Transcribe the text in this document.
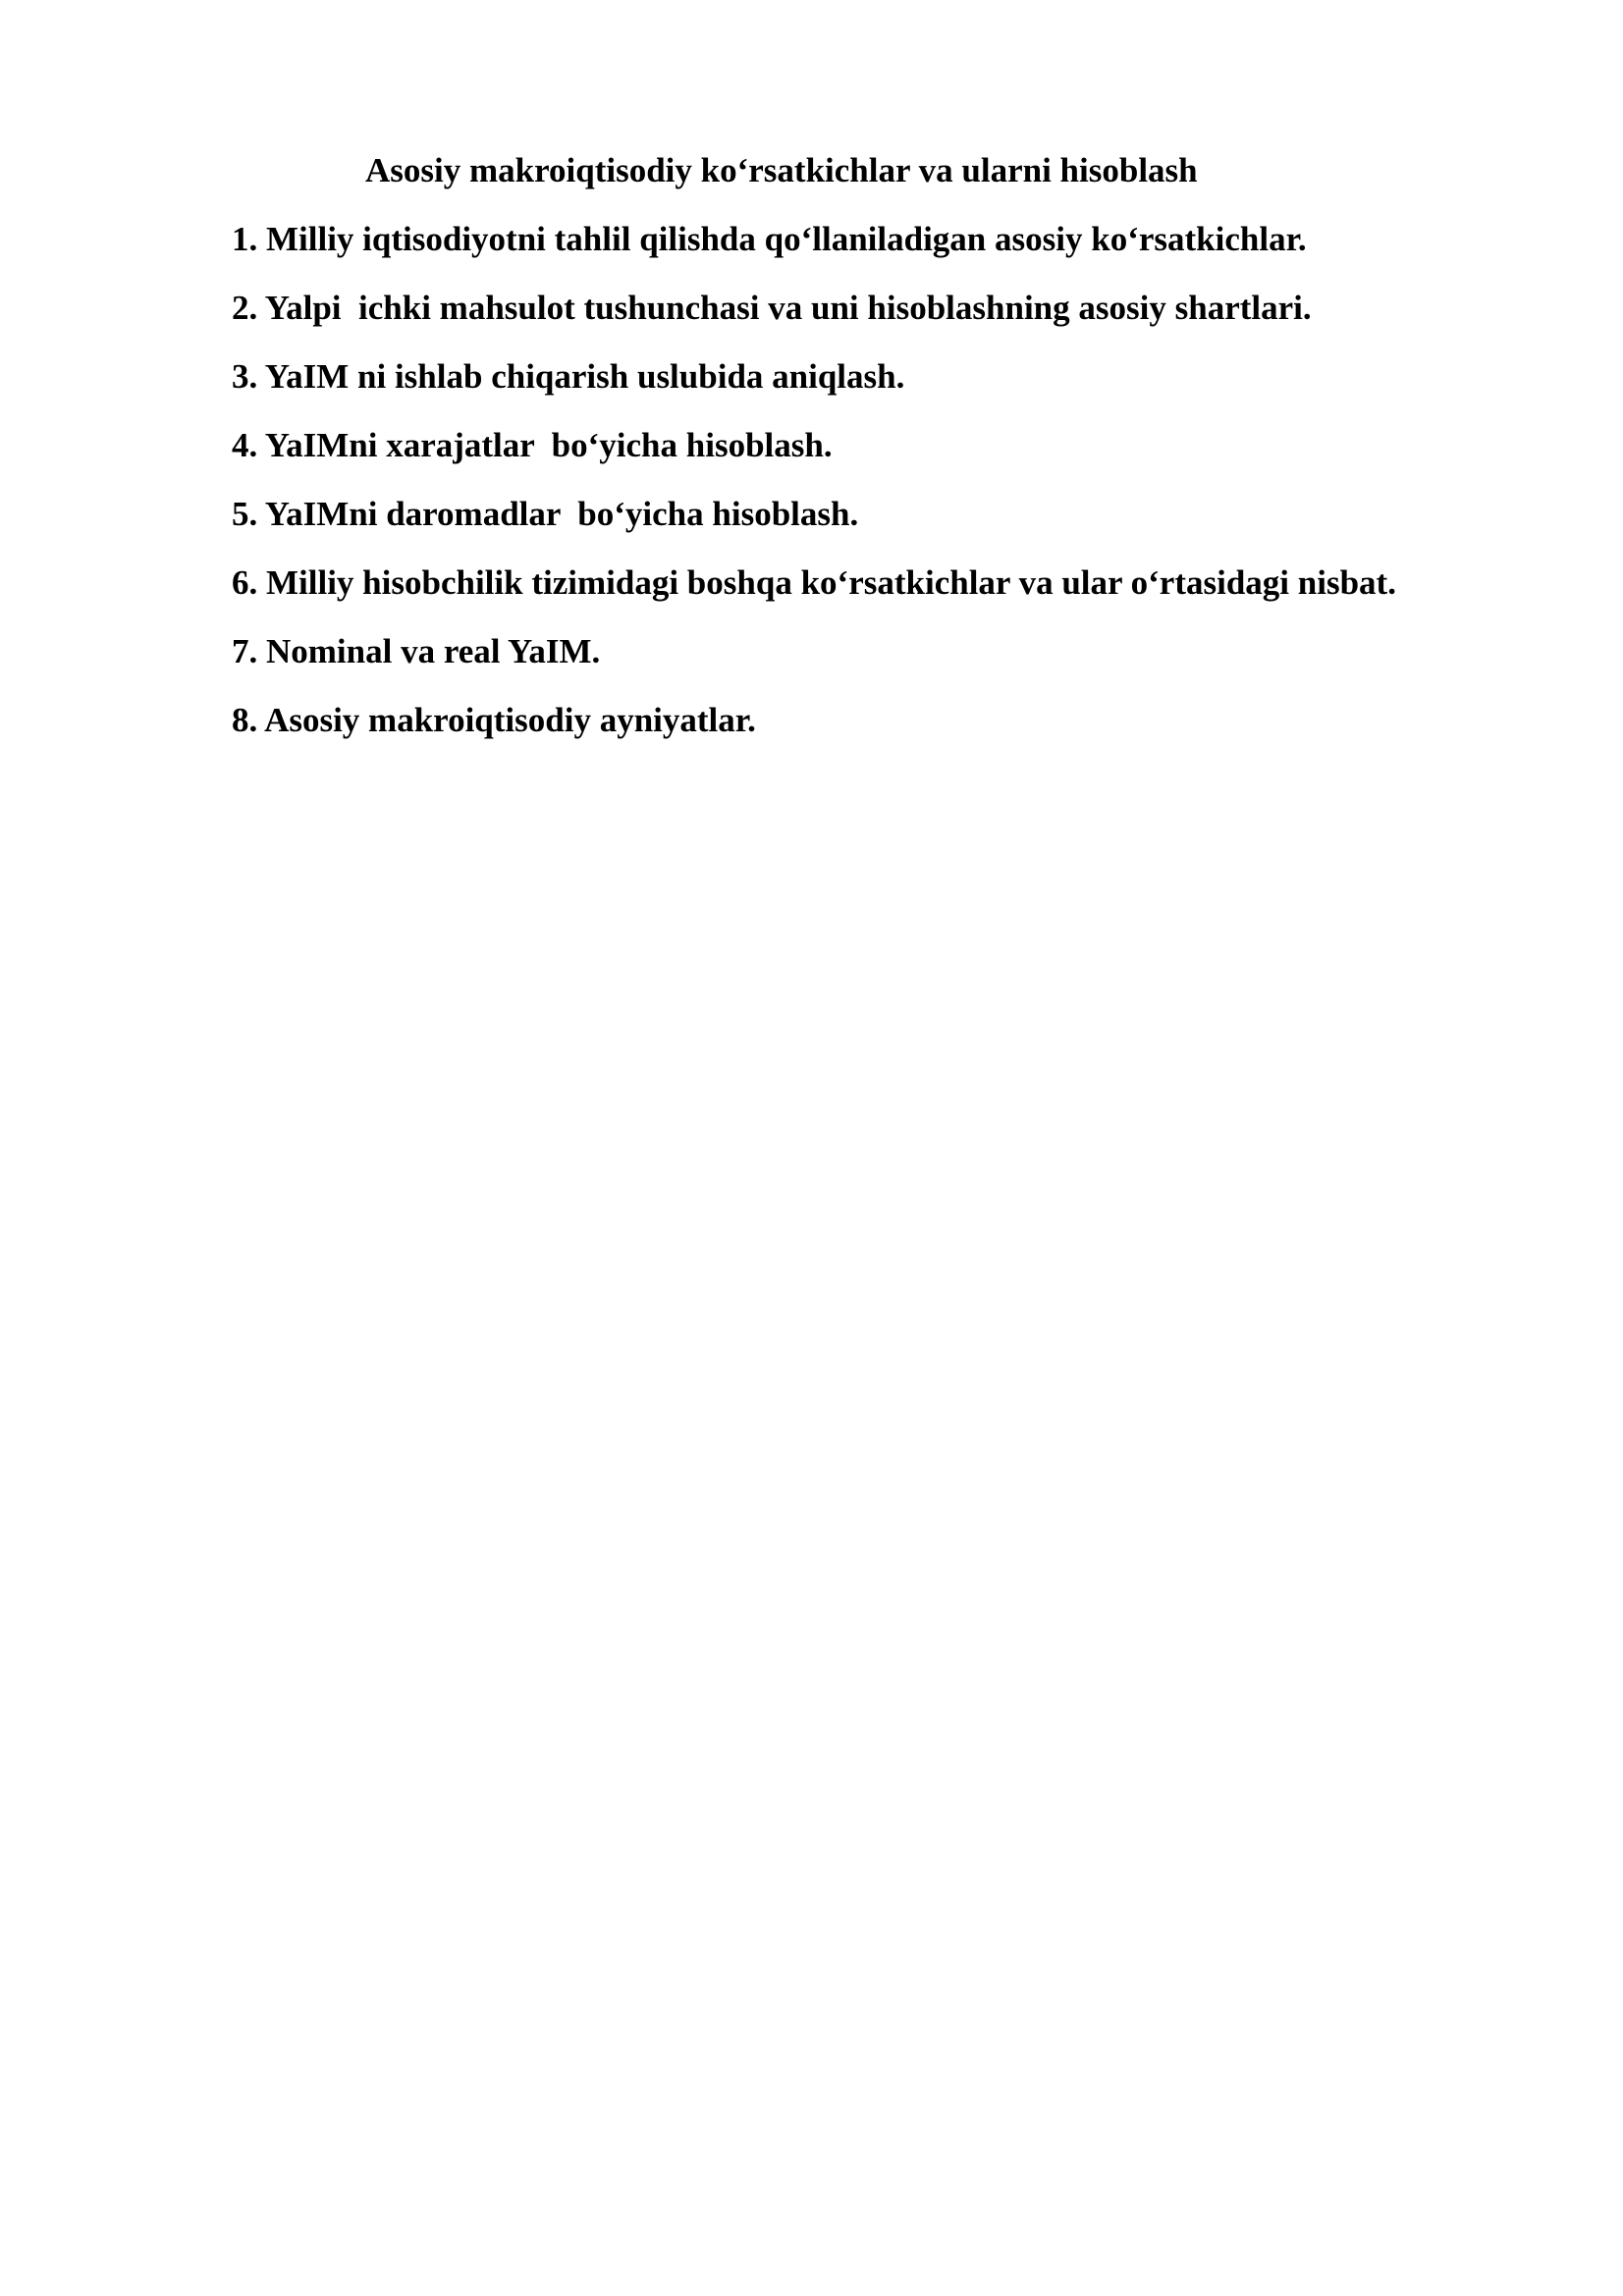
Asosiy makroiqtisodiy ko‘rsatkichlar va ularni hisoblash
1. Milliy iqtisodiyotni tahlil qilishda qo‘llaniladigan asosiy ko‘rsatkichlar.
2. Yalpi  ichki mahsulot tushunchasi va uni hisoblashning asosiy shartlari.
3. YaIM ni ishlab chiqarish uslubida aniqlash.
4. YaIMni xarajatlar  bo‘yicha hisoblash.
5. YaIMni daromadlar  bo‘yicha hisoblash.
6. Milliy hisobchilik tizimidagi boshqa ko‘rsatkichlar va ular o‘rtasidagi nisbat.
7. Nominal va real YaIM.
8. Asosiy makroiqtisodiy ayniyatlar.
